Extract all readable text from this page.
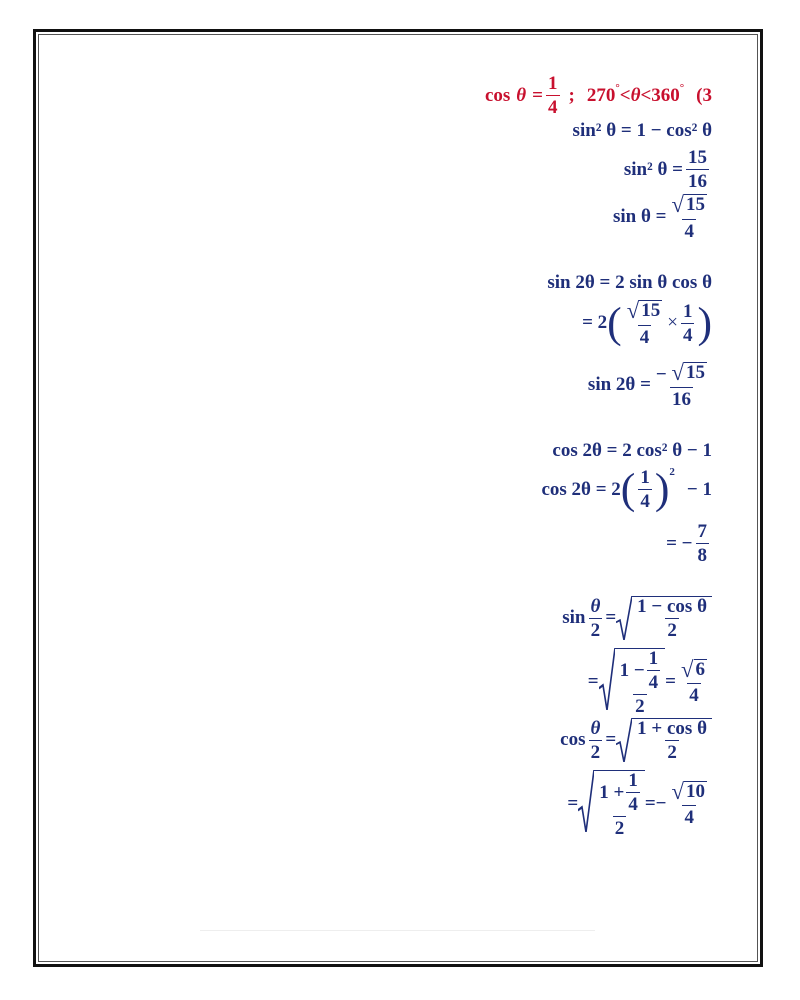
$\cos \theta = \frac{1}{4}$ ; 270 ° < θ < 360 ° (3
sin² θ = 1 − cos² θ
sin² $\theta = \frac{15}{16}$
$\sin \theta = \frac{√ 15}{4}$
sin 2θ = 2 sin θ cos θ
= 2 ( $\frac{√ 15}{4} \times \frac{1}{4}$ )
$\sin 2\theta = \frac{- √ 15}{16}$
cos 2θ = 2 cos² θ − 1
cos 2θ = 2 ( $\frac{1}{4}$ ) 2
− 1
= − $\frac{7}{8}$
$\sin \frac{\theta}{2} = \frac{\text{1 − cos θ}}{2}$
= $\frac{1 - \frac{1}{4}}{2} = \frac{√ 6}{4}$
$\cos \frac{\theta}{2} = \frac{\text{1 + cos θ}}{2}$
= $\frac{1 + \frac{1}{4}}{2}$ = − $\frac{√ 10}{4}$
